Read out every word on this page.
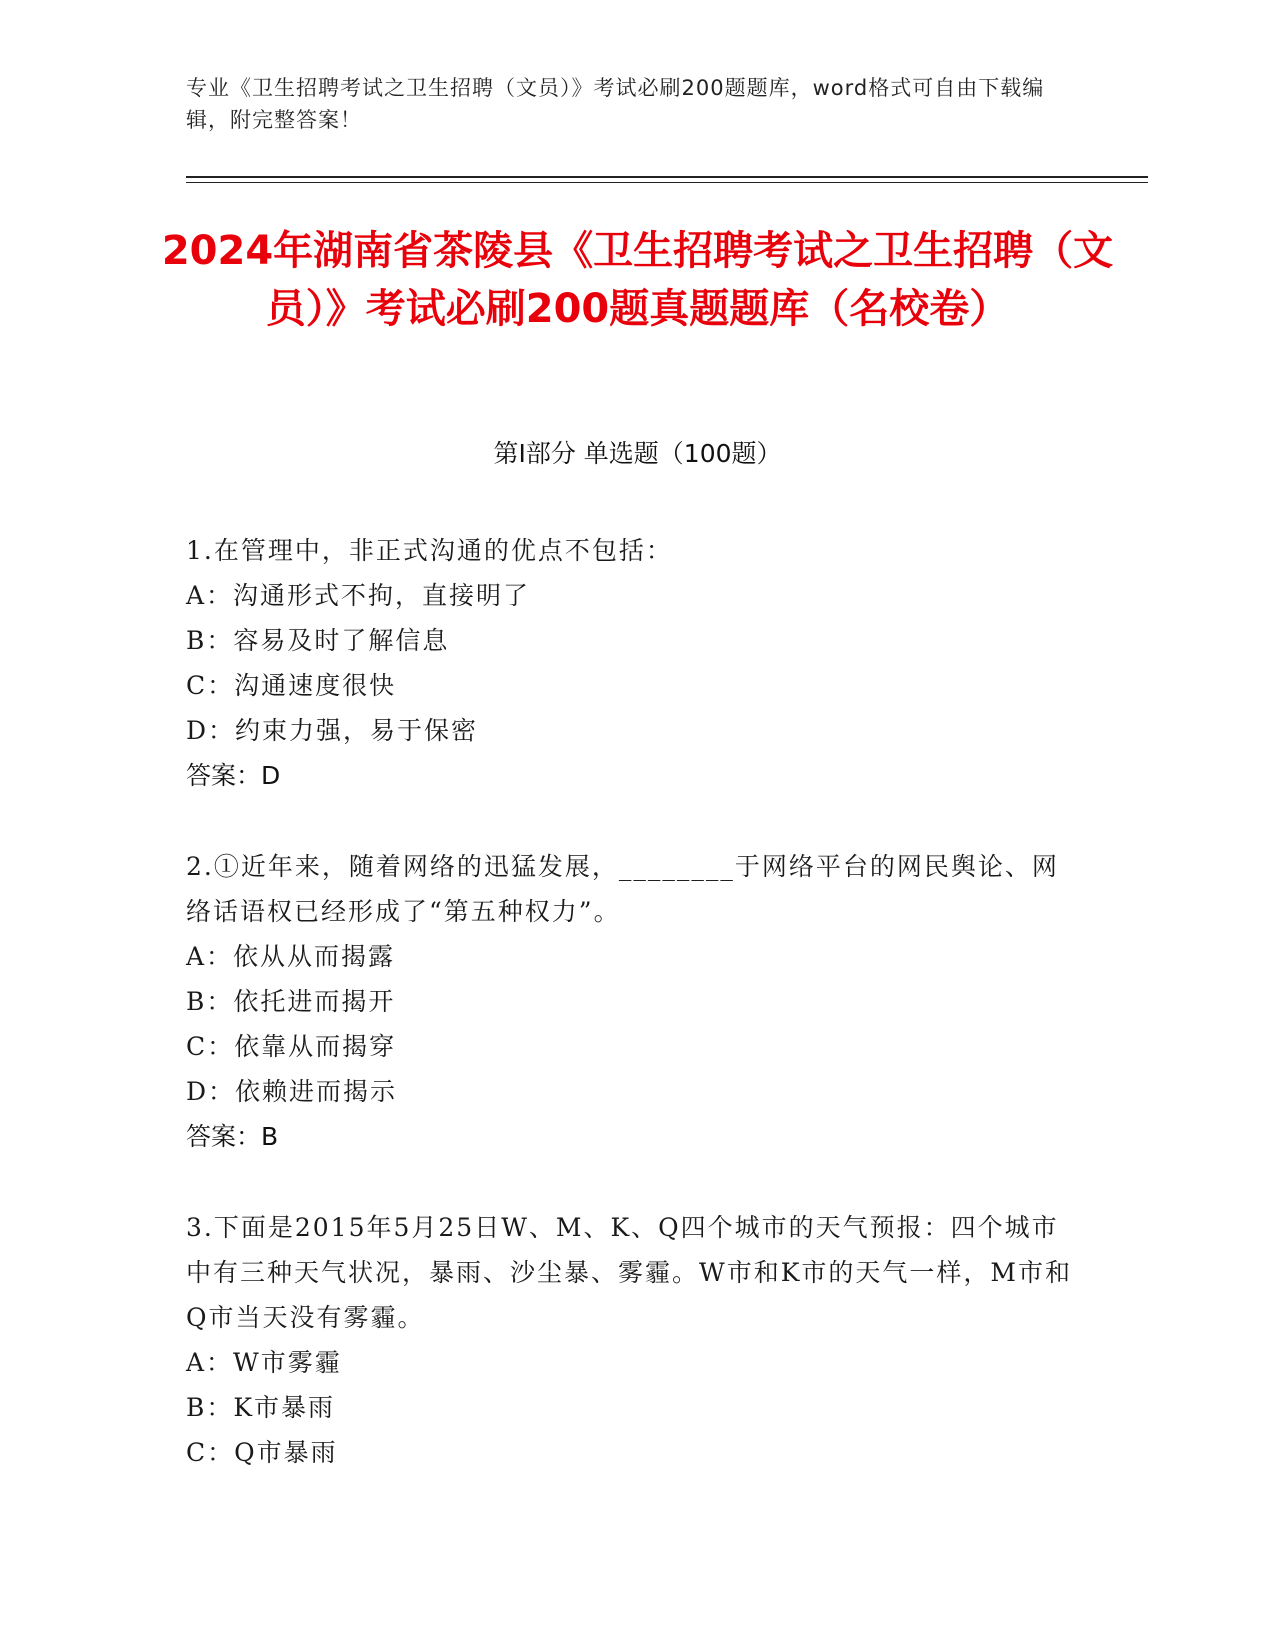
专业《卫生招聘考试之卫生招聘（文员）》考试必刷200题题库，word格式可自由下载编辑，附完整答案！
2024年湖南省茶陵县《卫生招聘考试之卫生招聘（文员）》考试必刷200题真题题库（名校卷）
第Ⅰ部分 单选题（100题）

1.在管理中，非正式沟通的优点不包括：

A：沟通形式不拘，直接明了

B：容易及时了解信息

C：沟通速度很快

D：约束力强，易于保密

答案：D

2.①近年来，随着网络的迅猛发展，________于网络平台的网民舆论、网络话语权已经形成了“第五种权力”。

A：依从从而揭露

B：依托进而揭开

C：依靠从而揭穿

D：依赖进而揭示

答案：B

3.下面是2015年5月25日W、M、K、Q四个城市的天气预报：四个城市中有三种天气状况，暴雨、沙尘暴、雾霾。W市和K市的天气一样，M市和Q市当天没有雾霾。

A：W市雾霾

B：K市暴雨

C：Q市暴雨
